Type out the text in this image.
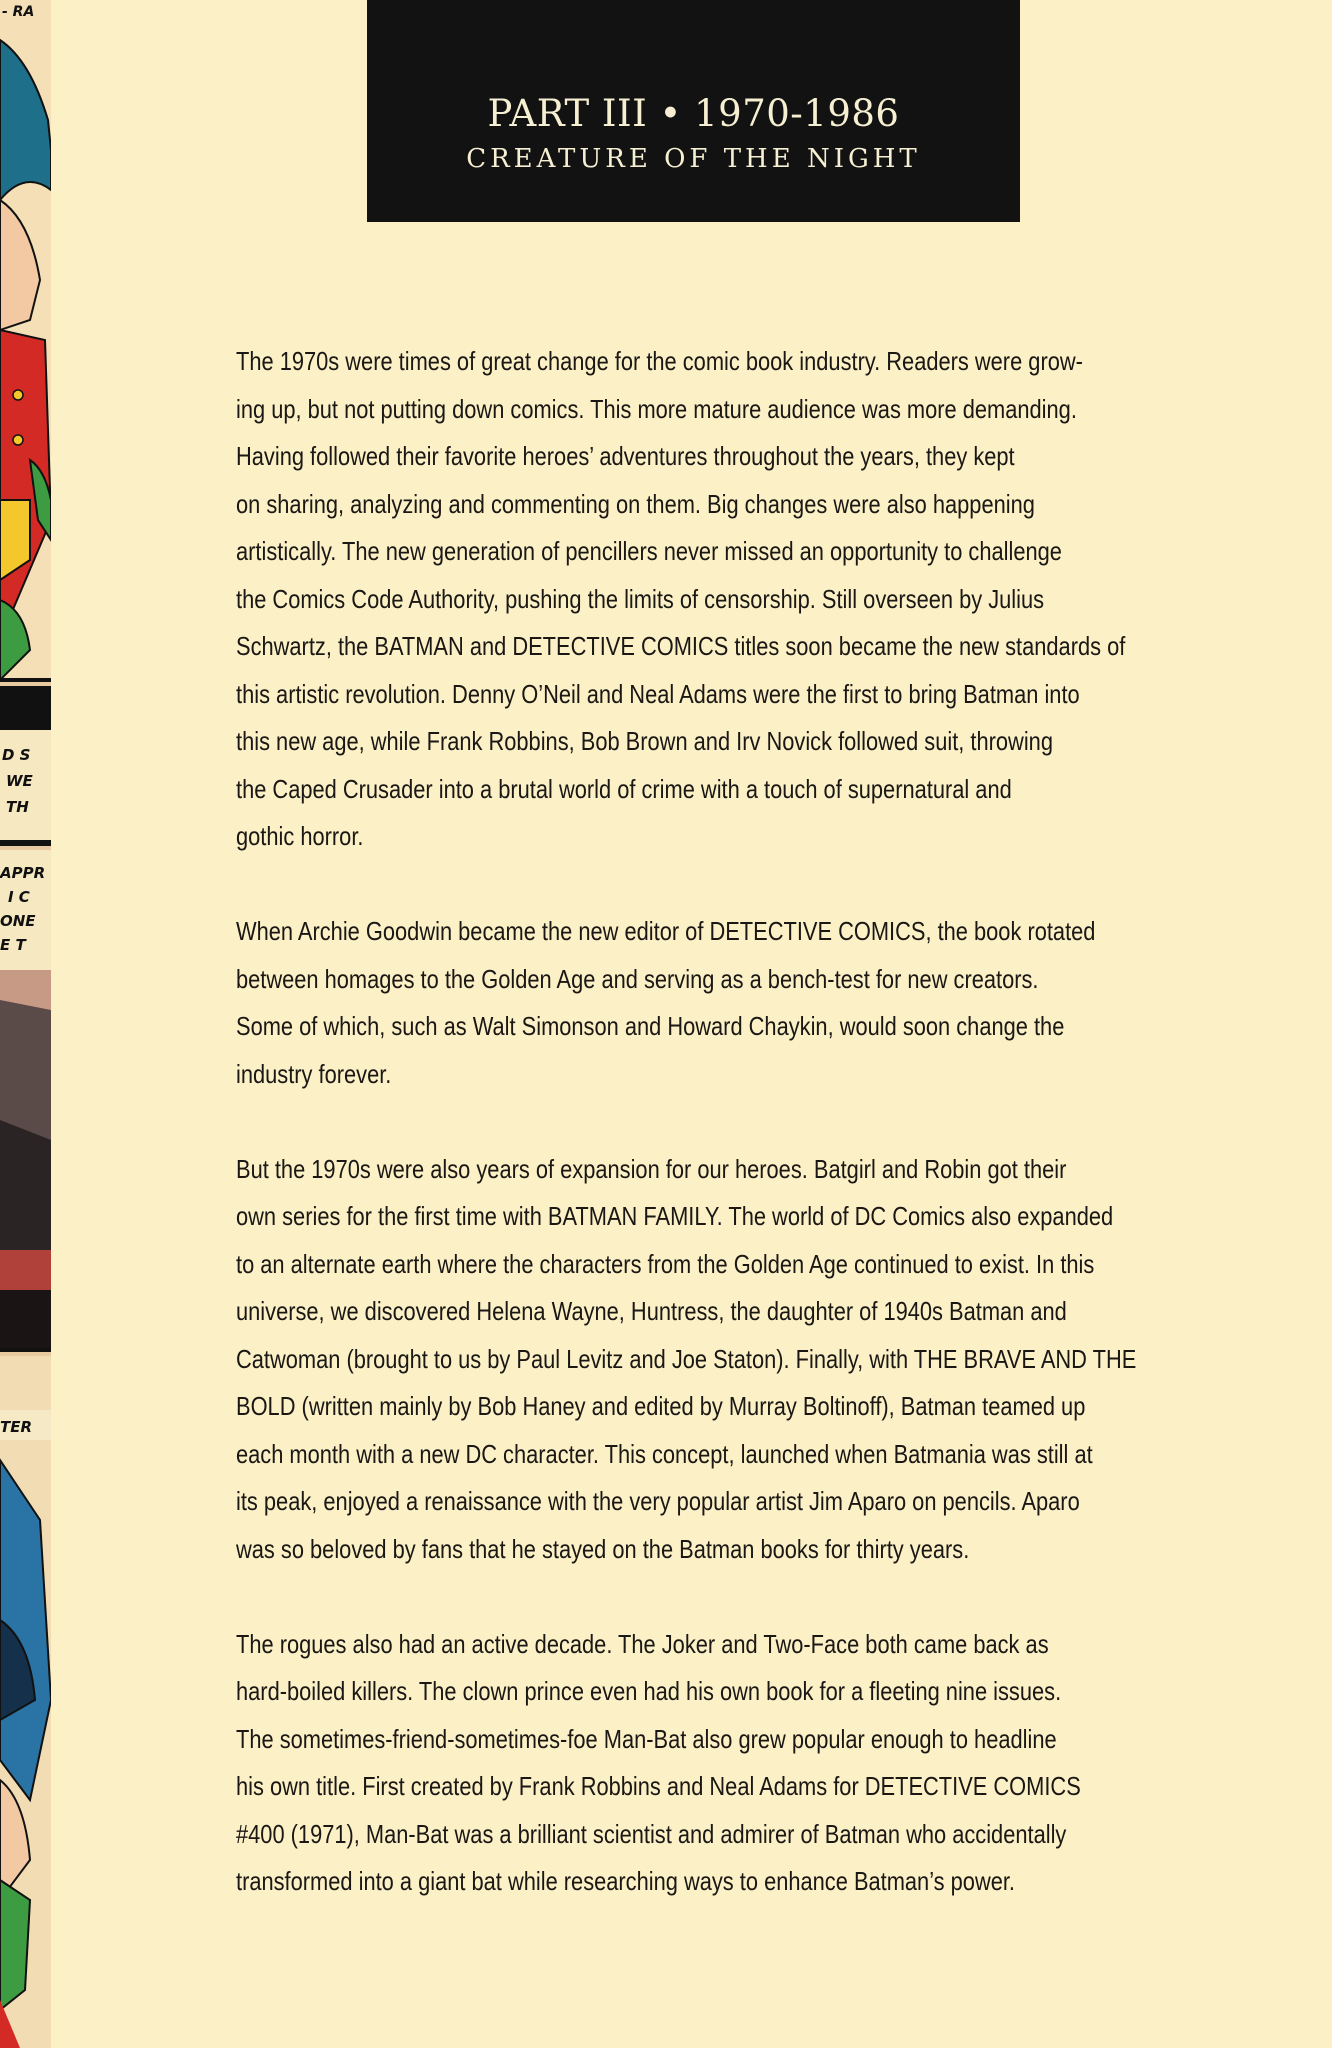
- RA
D S
WE
TH
APPR
I C
ONE
E T
TER
PART III • 1970-1986
CREATURE OF THE NIGHT

The 1970s were times of great change for the comic book industry. Readers were grow-
ing up, but not putting down comics. This more mature audience was more demanding.
Having followed their favorite heroes’ adventures throughout the years, they kept
on sharing, analyzing and commenting on them. Big changes were also happening
artistically. The new generation of pencillers never missed an opportunity to challenge
the Comics Code Authority, pushing the limits of censorship. Still overseen by Julius
Schwartz, the BATMAN and DETECTIVE COMICS titles soon became the new standards of
this artistic revolution. Denny O’Neil and Neal Adams were the first to bring Batman into
this new age, while Frank Robbins, Bob Brown and Irv Novick followed suit, throwing
the Caped Crusader into a brutal world of crime with a touch of supernatural and
gothic horror.

When Archie Goodwin became the new editor of DETECTIVE COMICS, the book rotated
between homages to the Golden Age and serving as a bench-test for new creators.
Some of which, such as Walt Simonson and Howard Chaykin, would soon change the
industry forever.

But the 1970s were also years of expansion for our heroes. Batgirl and Robin got their
own series for the first time with BATMAN FAMILY. The world of DC Comics also expanded
to an alternate earth where the characters from the Golden Age continued to exist. In this
universe, we discovered Helena Wayne, Huntress, the daughter of 1940s Batman and
Catwoman (brought to us by Paul Levitz and Joe Staton). Finally, with THE BRAVE AND THE
BOLD (written mainly by Bob Haney and edited by Murray Boltinoff), Batman teamed up
each month with a new DC character. This concept, launched when Batmania was still at
its peak, enjoyed a renaissance with the very popular artist Jim Aparo on pencils. Aparo
was so beloved by fans that he stayed on the Batman books for thirty years.

The rogues also had an active decade. The Joker and Two-Face both came back as
hard-boiled killers. The clown prince even had his own book for a fleeting nine issues.
The sometimes-friend-sometimes-foe Man-Bat also grew popular enough to headline
his own title. First created by Frank Robbins and Neal Adams for DETECTIVE COMICS
#400 (1971), Man-Bat was a brilliant scientist and admirer of Batman who accidentally
transformed into a giant bat while researching ways to enhance Batman’s power.
